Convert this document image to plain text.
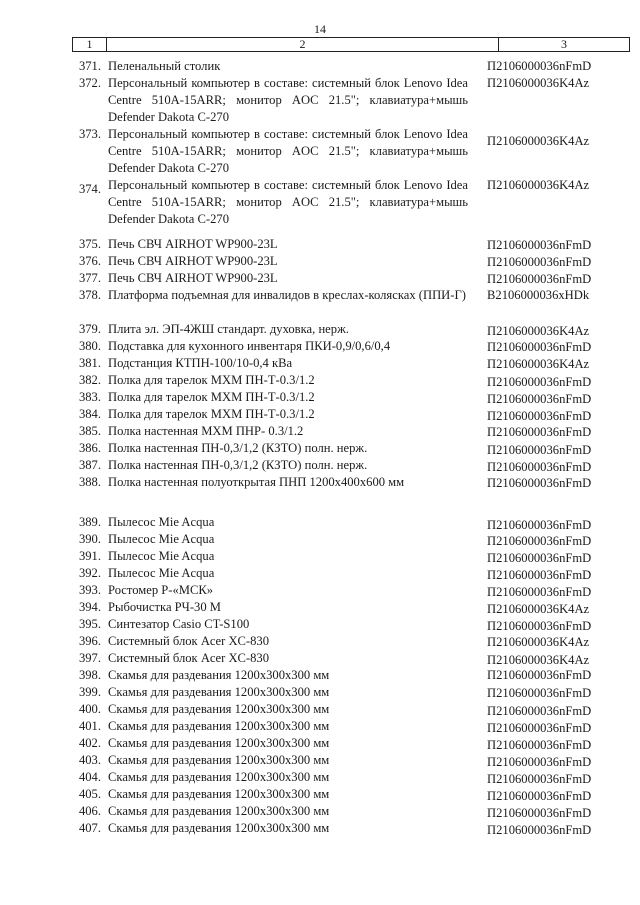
14
1	2	3
371. Пеленальный столик	П2106000036nFmD
372. Персональный компьютер в составе: системный блок Lenovo Idea Centre 510A-15ARR; монитор AOC 21.5"; клавиатура+мышь Defender Dakota C-270
П2106000036K4Az
373. Персональный компьютер в составе: системный блок Lenovo Idea Centre 510A-15ARR; монитор AOC 21.5"; клавиатура+мышь Defender Dakota C-270
П2106000036K4Az
374. Персональный компьютер в составе: системный блок Lenovo Idea Centre 510A-15ARR; монитор AOC 21.5"; клавиатура+мышь Defender Dakota C-270
П2106000036K4Az
375. Печь СВЧ AIRHOT WP900-23L	П2106000036nFmD
376. Печь СВЧ AIRHOT WP900-23L	П2106000036nFmD
377. Печь СВЧ AIRHOT WP900-23L	П2106000036nFmD
378. Платформа подъемная для инвалидов в креслах-колясках (ППИ-Г) В2106000036xHDk
379. Плита эл. ЭП-4ЖШ стандарт. духовка, нерж.	П2106000036K4Az
380. Подставка для кухонного инвентаря ПКИ-0,9/0,6/0,4	П2106000036nFmD
381. Подстанция КТПН-100/10-0,4 кВа	П2106000036K4Az
382. Полка для тарелок МХМ ПН-Т-0.3/1.2	П2106000036nFmD
383. Полка для тарелок МХМ ПН-Т-0.3/1.2	П2106000036nFmD
384. Полка для тарелок МХМ ПН-Т-0.3/1.2	П2106000036nFmD
385. Полка настенная МХМ ПНР- 0.3/1.2	П2106000036nFmD
386. Полка настенная ПН-0,3/1,2 (КЗТО) полн. нерж.	П2106000036nFmD
387. Полка настенная ПН-0,3/1,2 (КЗТО) полн. нерж.	П2106000036nFmD
388. Полка настенная полуоткрытая ПНП 1200х400х600 мм	П2106000036nFmD
389. Пылесос Mie Acqua	П2106000036nFmD
390. Пылесос Mie Acqua	П2106000036nFmD
391. Пылесос Mie Acqua	П2106000036nFmD
392. Пылесос Mie Acqua	П2106000036nFmD
393. Ростомер Р-«МСК»	П2106000036nFmD
394. Рыбочистка РЧ-30 М	П2106000036K4Az
395. Синтезатор Casio CT-S100	П2106000036nFmD
396. Системный блок Acer XC-830	П2106000036K4Az
397. Системный блок Acer XC-830	П2106000036K4Az
398. Скамья для раздевания 1200х300х300 мм	П2106000036nFmD
399. Скамья для раздевания 1200х300х300 мм	П2106000036nFmD
400. Скамья для раздевания 1200х300х300 мм	П2106000036nFmD
401. Скамья для раздевания 1200х300х300 мм	П2106000036nFmD
402. Скамья для раздевания 1200х300х300 мм	П2106000036nFmD
403. Скамья для раздевания 1200х300х300 мм	П2106000036nFmD
404. Скамья для раздевания 1200х300х300 мм	П2106000036nFmD
405. Скамья для раздевания 1200х300х300 мм	П2106000036nFmD
406. Скамья для раздевания 1200х300х300 мм	П2106000036nFmD
407. Скамья для раздевания 1200х300х300 мм	П2106000036nFmD
